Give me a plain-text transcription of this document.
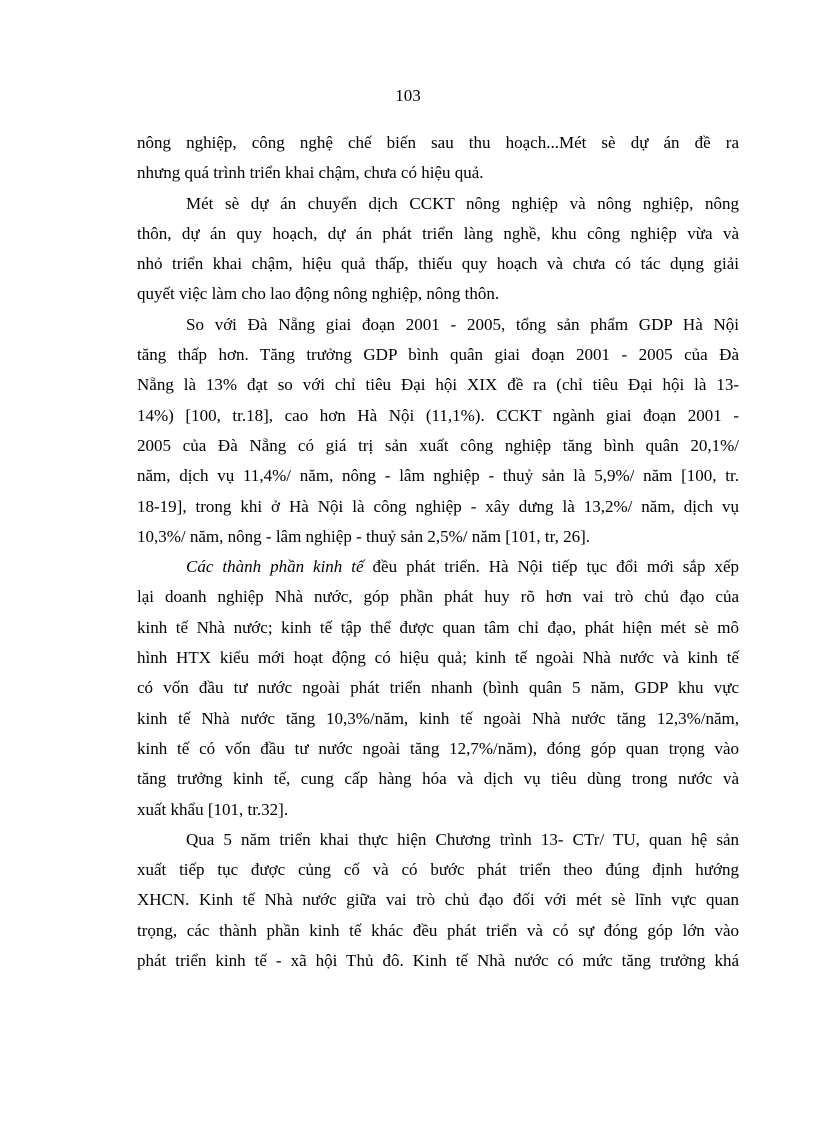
103
nông nghiệp, công nghệ chế biến sau thu hoạch...Mét sè dự án đề ra
nhưng quá trình triển khai chậm, chưa có hiệu quả.
Mét sè dự án chuyển dịch CCKT nông nghiệp và nông nghiệp, nông
thôn, dự án quy hoạch, dự án phát triển làng nghề, khu công nghiệp vừa và
nhỏ triển khai chậm, hiệu quả thấp, thiếu quy hoạch và chưa có tác dụng giải
quyết việc làm cho lao động nông nghiệp, nông thôn.
So với Đà Nẵng giai đoạn 2001 - 2005, tổng sản phẩm GDP Hà Nội
tăng thấp hơn. Tăng trưởng GDP bình quân giai đoạn 2001 - 2005 của Đà
Nẵng là 13% đạt so với chỉ tiêu Đại hội XIX đề ra (chỉ tiêu Đại hội là 13-
14%) [100, tr.18], cao hơn Hà Nội (11,1%). CCKT ngành giai đoạn 2001 -
2005 của Đà Nẵng có giá trị sản xuất công nghiệp tăng bình quân 20,1%/
năm, dịch vụ 11,4%/ năm, nông - lâm nghiệp - thuỷ sản là 5,9%/ năm [100, tr.
18-19], trong khi ở Hà Nội là công nghiệp - xây dưng là 13,2%/ năm, dịch vụ
10,3%/ năm, nông - lâm nghiệp - thuỷ sản 2,5%/ năm [101, tr, 26].
Các thành phần kinh tế đều phát triển. Hà Nội tiếp tục đổi mới sắp xếp
lại doanh nghiệp Nhà nước, góp phần phát huy rõ hơn vai trò chủ đạo của
kinh tế Nhà nước; kinh tế tập thể được quan tâm chỉ đạo, phát hiện mét sè mô
hình HTX kiểu mới hoạt động có hiệu quả; kinh tế ngoài Nhà nước và kinh tế
có vốn đầu tư nước ngoài phát triển nhanh (bình quân 5 năm, GDP khu vực
kinh tế Nhà nước tăng 10,3%/năm, kinh tế ngoài Nhà nước tăng 12,3%/năm,
kinh tế có vốn đầu tư nước ngoài tăng 12,7%/năm), đóng góp quan trọng vào
tăng trưởng kinh tế, cung cấp hàng hóa và dịch vụ tiêu dùng trong nước và
xuất khẩu [101, tr.32].
Qua 5 năm triển khai thực hiện Chương trình 13- CTr/ TU, quan hệ sản
xuất tiếp tục được củng cố và có bước phát triển theo đúng định hướng
XHCN. Kinh tế Nhà nước giữa vai trò chủ đạo đối với mét sè lĩnh vực quan
trọng, các thành phần kinh tế khác đều phát triển và có sự đóng góp lớn vào
phát triển kinh tế - xã hội Thủ đô. Kinh tế Nhà nước có mức tăng trưởng khá
